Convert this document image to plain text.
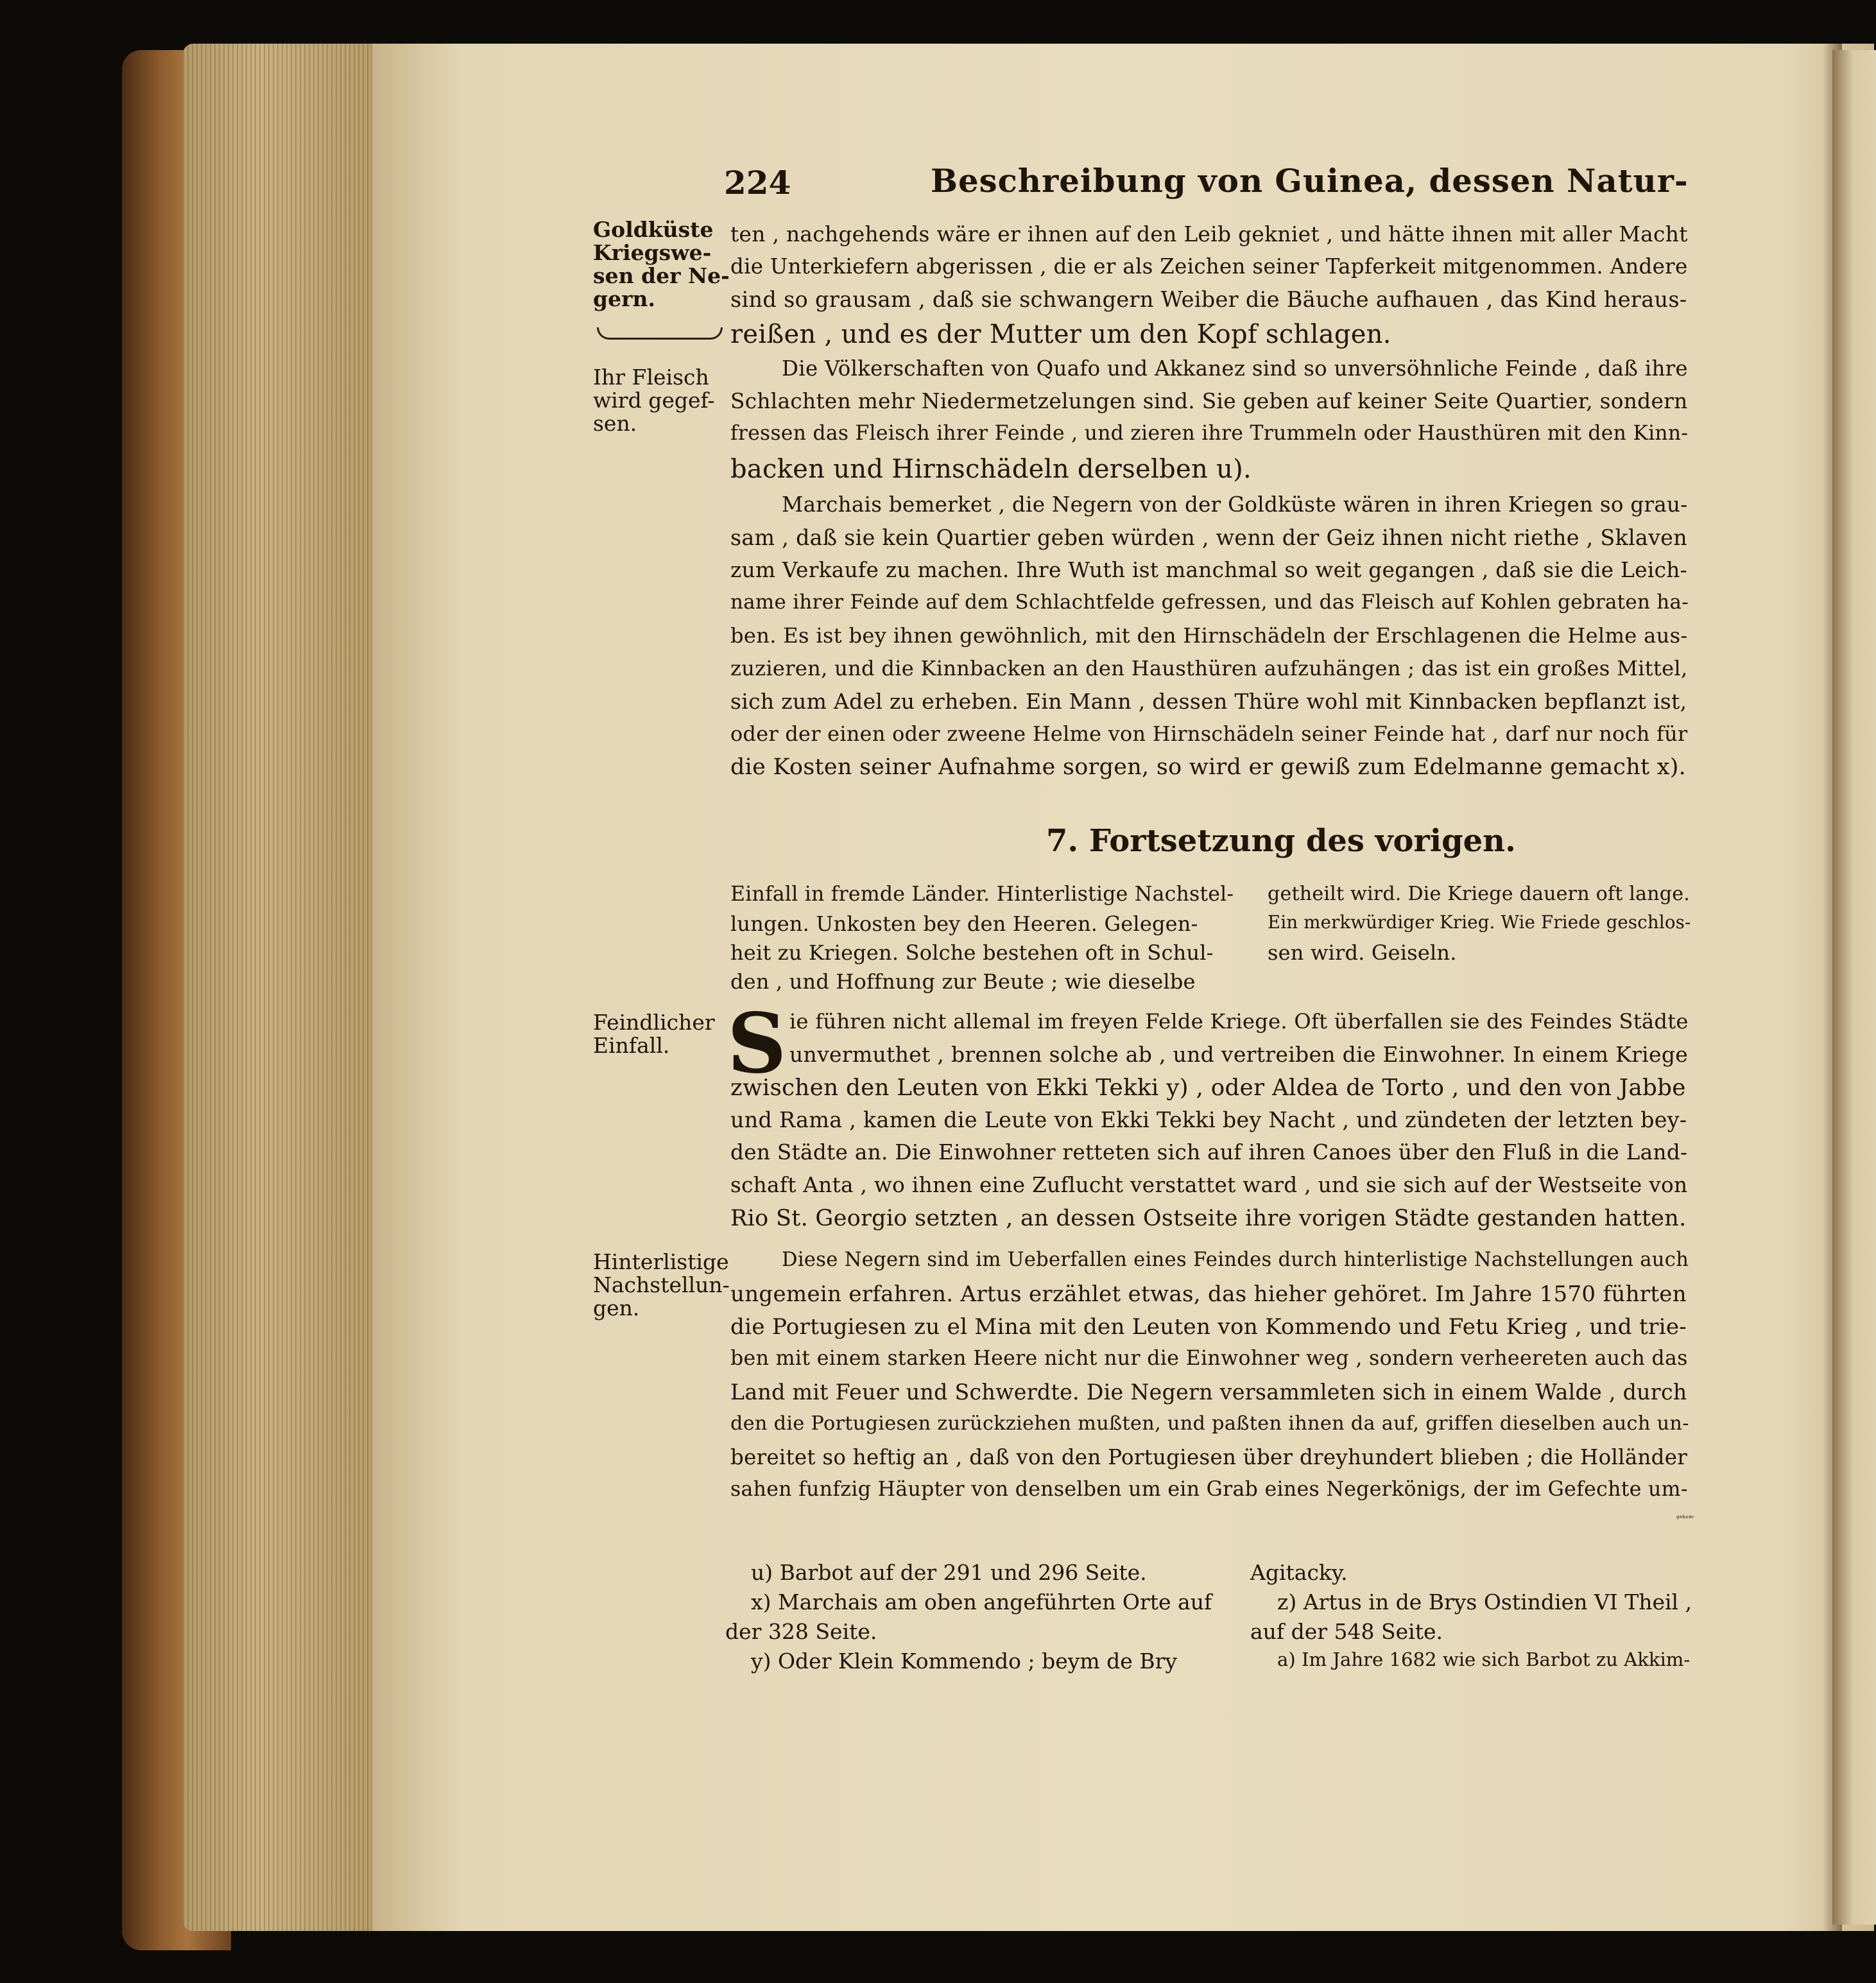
224	Beschreibung von Guinea, dessen Natur-
Goldküste
Kriegswe-
sen der Ne-
gern.
Ihr Fleisch
wird gegef-
sen.
Feindlicher
Einfall.
Hinterlistige
Nachstellun-
gen.
ten , nachgehends wäre er ihnen auf den Leib gekniet , und hätte ihnen mit aller Macht
die Unterkiefern abgerissen , die er als Zeichen seiner Tapferkeit mitgenommen. Andere
sind so grausam , daß sie schwangern Weiber die Bäuche aufhauen , das Kind heraus-
reißen , und es der Mutter um den Kopf schlagen.
Die Völkerschaften von Quafo und Akkanez sind so unversöhnliche Feinde , daß ihre
Schlachten mehr Niedermetzelungen sind. Sie geben auf keiner Seite Quartier, sondern
fressen das Fleisch ihrer Feinde , und zieren ihre Trummeln oder Hausthüren mit den Kinn-
backen und Hirnschädeln derselben u).
Marchais bemerket , die Negern von der Goldküste wären in ihren Kriegen so grau-
sam , daß sie kein Quartier geben würden , wenn der Geiz ihnen nicht riethe , Sklaven
zum Verkaufe zu machen. Ihre Wuth ist manchmal so weit gegangen , daß sie die Leich-
name ihrer Feinde auf dem Schlachtfelde gefressen, und das Fleisch auf Kohlen gebraten ha-
ben. Es ist bey ihnen gewöhnlich, mit den Hirnschädeln der Erschlagenen die Helme aus-
zuzieren, und die Kinnbacken an den Hausthüren aufzuhängen ; das ist ein großes Mittel,
sich zum Adel zu erheben. Ein Mann , dessen Thüre wohl mit Kinnbacken bepflanzt ist,
oder der einen oder zweene Helme von Hirnschädeln seiner Feinde hat , darf nur noch für
die Kosten seiner Aufnahme sorgen, so wird er gewiß zum Edelmanne gemacht x).
7. Fortsetzung des vorigen.
Einfall in fremde Länder. Hinterlistige Nachstel-
lungen. Unkosten bey den Heeren. Gelegen-
heit zu Kriegen. Solche bestehen oft in Schul-
den , und Hoffnung zur Beute ; wie dieselbe
getheilt wird. Die Kriege dauern oft lange.
Ein merkwürdiger Krieg. Wie Friede geschlos-
sen wird. Geiseln.
S ie führen nicht allemal im freyen Felde Kriege. Oft überfallen sie des Feindes Städte
unvermuthet , brennen solche ab , und vertreiben die Einwohner. In einem Kriege
zwischen den Leuten von Ekki Tekki y) , oder Aldea de Torto , und den von Jabbe
und Rama , kamen die Leute von Ekki Tekki bey Nacht , und zündeten der letzten bey-
den Städte an. Die Einwohner retteten sich auf ihren Canoes über den Fluß in die Land-
schaft Anta , wo ihnen eine Zuflucht verstattet ward , und sie sich auf der Westseite von
Rio St. Georgio setzten , an dessen Ostseite ihre vorigen Städte gestanden hatten.
Diese Negern sind im Ueberfallen eines Feindes durch hinterlistige Nachstellungen auch
ungemein erfahren. Artus erzählet etwas, das hieher gehöret. Im Jahre 1570 führten
die Portugiesen zu el Mina mit den Leuten von Kommendo und Fetu Krieg , und trie-
ben mit einem starken Heere nicht nur die Einwohner weg , sondern verheereten auch das
Land mit Feuer und Schwerdte. Die Negern versammleten sich in einem Walde , durch
den die Portugiesen zurückziehen mußten, und paßten ihnen da auf, griffen dieselben auch un-
bereitet so heftig an , daß von den Portugiesen über dreyhundert blieben ; die Holländer
sahen funfzig Häupter von denselben um ein Grab eines Negerkönigs, der im Gefechte um-
gekom-
u) Barbot auf der 291 und 296 Seite.
x) Marchais am oben angeführten Orte auf
der 328 Seite.
y) Oder Klein Kommendo ; beym de Bry
Agitacky.
z) Artus in de Brys Ostindien VI Theil ,
auf der 548 Seite.
a) Im Jahre 1682 wie sich Barbot zu Akkim-
